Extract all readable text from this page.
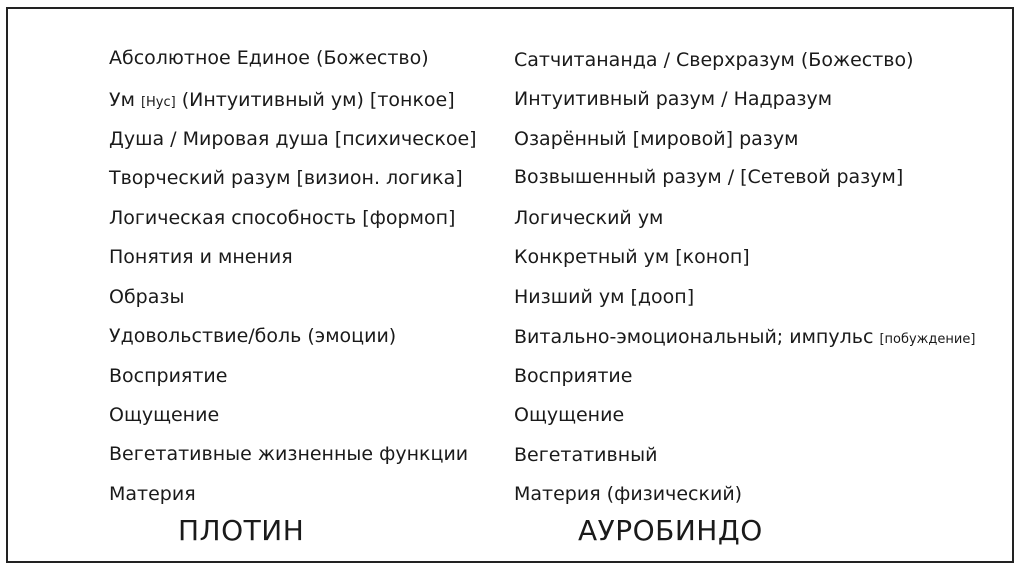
Абсолютное Единое (Божество)
Ум [Нус] (Интуитивный ум) [тонкое]
Душа / Мировая душа [психическое]
Творческий разум [визион. логика]
Логическая способность [формоп]
Понятия и мнения
Образы
Удовольствие/боль (эмоции)
Восприятие
Ощущение
Вегетативные жизненные функции
Материя
Сатчитананда / Сверхразум (Божество)
Интуитивный разум / Надразум
Озарённый [мировой] разум
Возвышенный разум / [Сетевой разум]
Логический ум
Конкретный ум [коноп]
Низший ум [дооп]
Витально-эмоциональный; импульс [побуждение]
Восприятие
Ощущение
Вегетативный
Материя (физический)
ПЛОТИН	АУРОБИНДО
